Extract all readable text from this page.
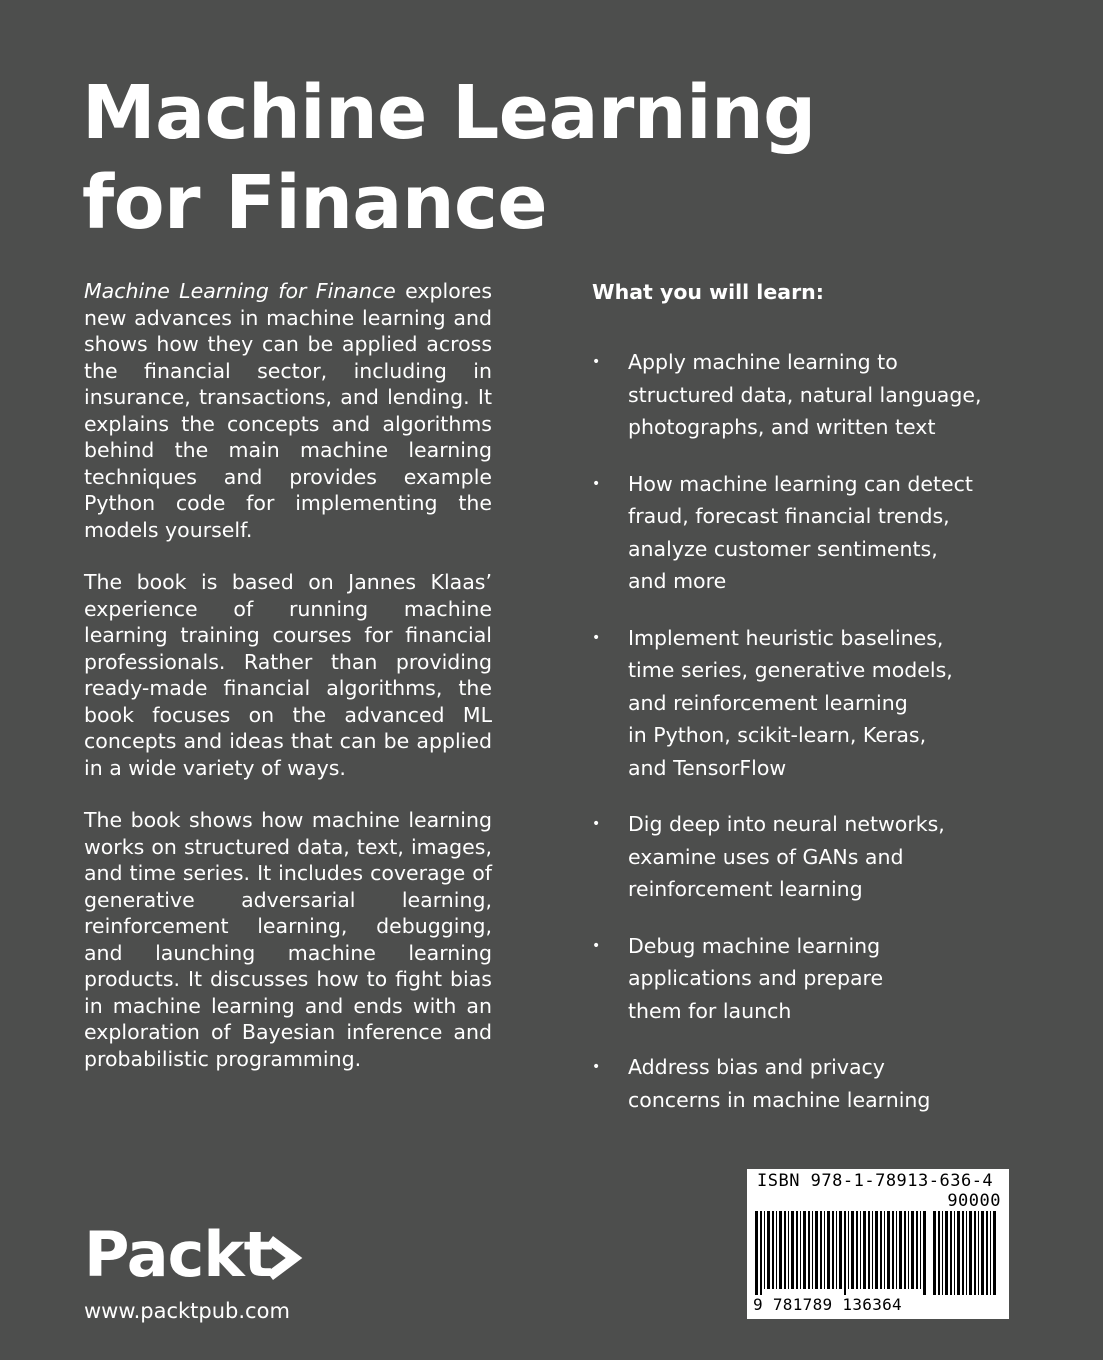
Machine Learning
for Finance

Machine Learning for Finance explores new advances in machine learning and shows how they can be applied across the financial sector, including in insurance, transactions, and lending. It explains the concepts and algorithms behind the main machine learning techniques and provides example Python code for implementing the models yourself.

The book is based on Jannes Klaas’ experience of running machine learning training courses for financial professionals. Rather than providing ready-made financial algorithms, the book focuses on the advanced ML concepts and ideas that can be applied in a wide variety of ways.

The book shows how machine learning works on structured data, text, images, and time series. It includes coverage of generative adversarial learning, reinforcement learning, debugging, and launching machine learning products. It discusses how to fight bias in machine learning and ends with an exploration of Bayesian inference and probabilistic programming.

What you will learn:
• Apply machine learning to
structured data, natural language,
photographs, and written text
• How machine learning can detect
fraud, forecast financial trends,
analyze customer sentiments,
and more
• Implement heuristic baselines,
time series, generative models,
and reinforcement learning
in Python, scikit-learn, Keras,
and TensorFlow
• Dig deep into neural networks,
examine uses of GANs and
reinforcement learning
• Debug machine learning
applications and prepare
them for launch
• Address bias and privacy
concerns in machine learning
Packt
www.packtpub.com
ISBN 978-1-78913-636-4
90000
9 781789 136364
